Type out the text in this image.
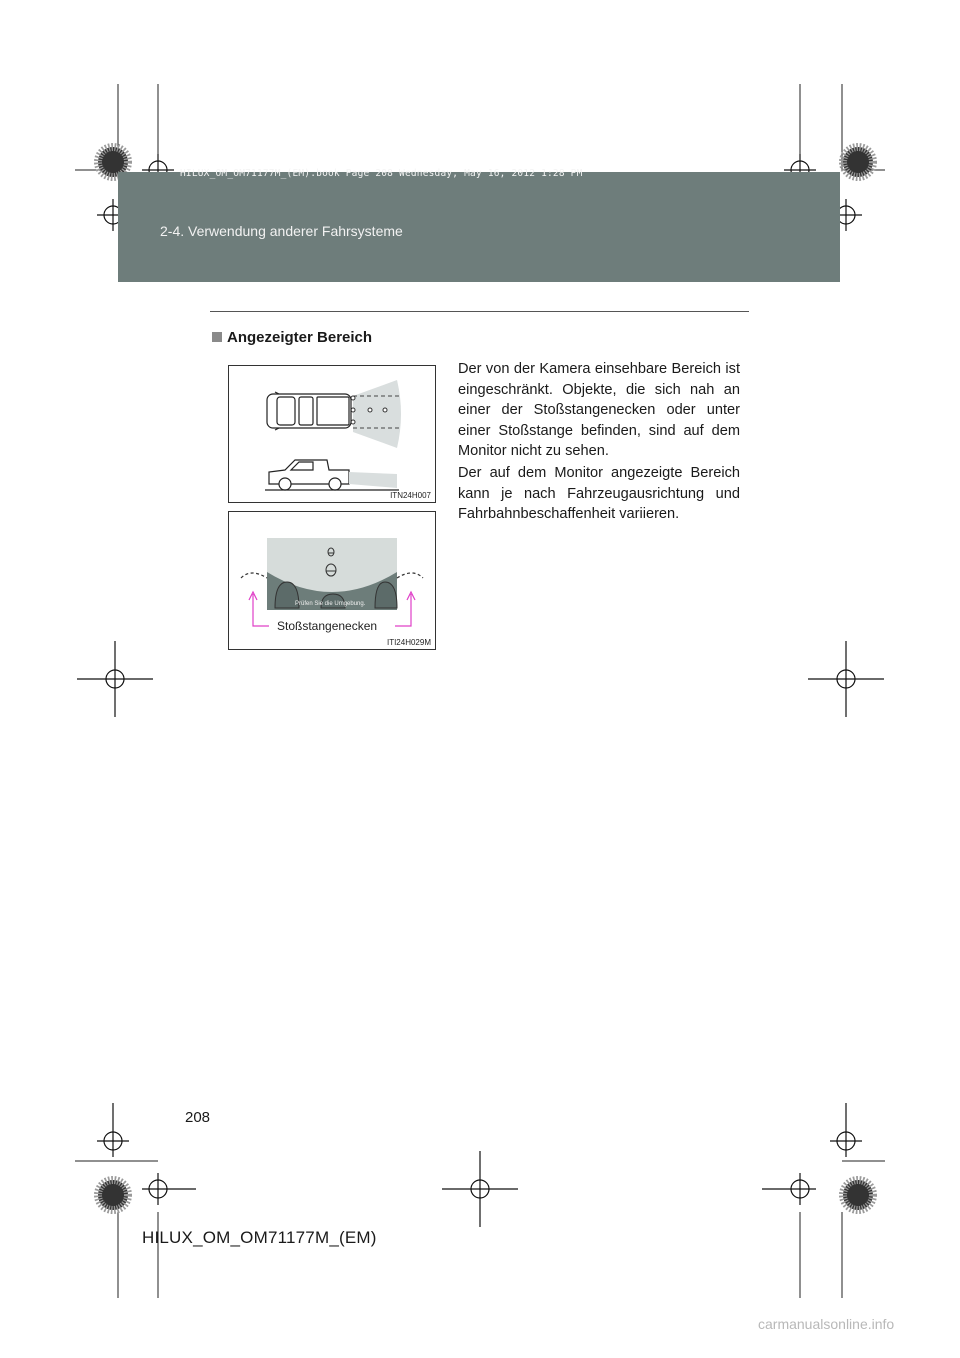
HILUX_OM_OM71177M_(EM).book Page 208 Wednesday, May 16, 2012 1:28 PM
2-4. Verwendung anderer Fahrsysteme
Angezeigter Bereich
Der von der Kamera einsehbare Bereich ist eingeschränkt. Objekte, die sich nah an einer der Stoßstangenecken oder unter einer Stoßstange befinden, sind auf dem Monitor nicht zu sehen.
Der auf dem Monitor angezeigte Bereich kann je nach Fahrzeugausrichtung und Fahrbahnbeschaffenheit variieren.
ITN24H007
Prüfen Sie die Umgebung.
Stoßstangenecken
ITI24H029M
208
HILUX_OM_OM71177M_(EM)
carmanualsonline.info
